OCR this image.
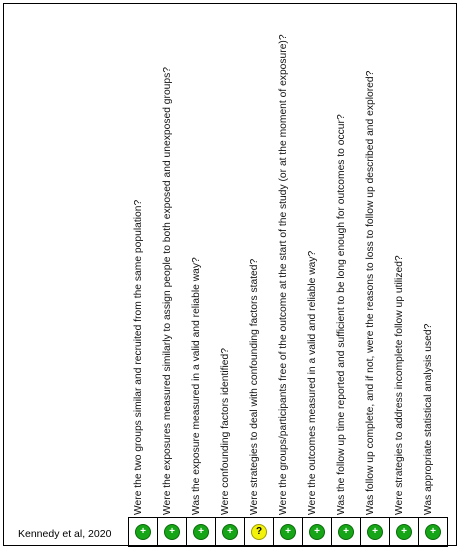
Were the two groups similar and recruited from the same population?	Were the exposures measured similarly to assign people to both exposed and unexposed groups?	Was the exposure measured in a valid and reliable way?	Were confounding factors identified?	Were strategies to deal with confounding factors stated?	Were the groups/participants free of the outcome at the start of the study (or at the moment of exposure)?	Were the outcomes measured in a valid and reliable way?	Was the follow up time reported and sufficient to be long enough for outcomes to occur?	Was follow up complete, and if not, were the reasons to loss to follow up described and explored?	Were strategies to address incomplete follow up utilized?	Was appropriate statistical analysis used?
Kennedy et al, 2020	+	+	+	+	?	+	+	+	+	+	+
